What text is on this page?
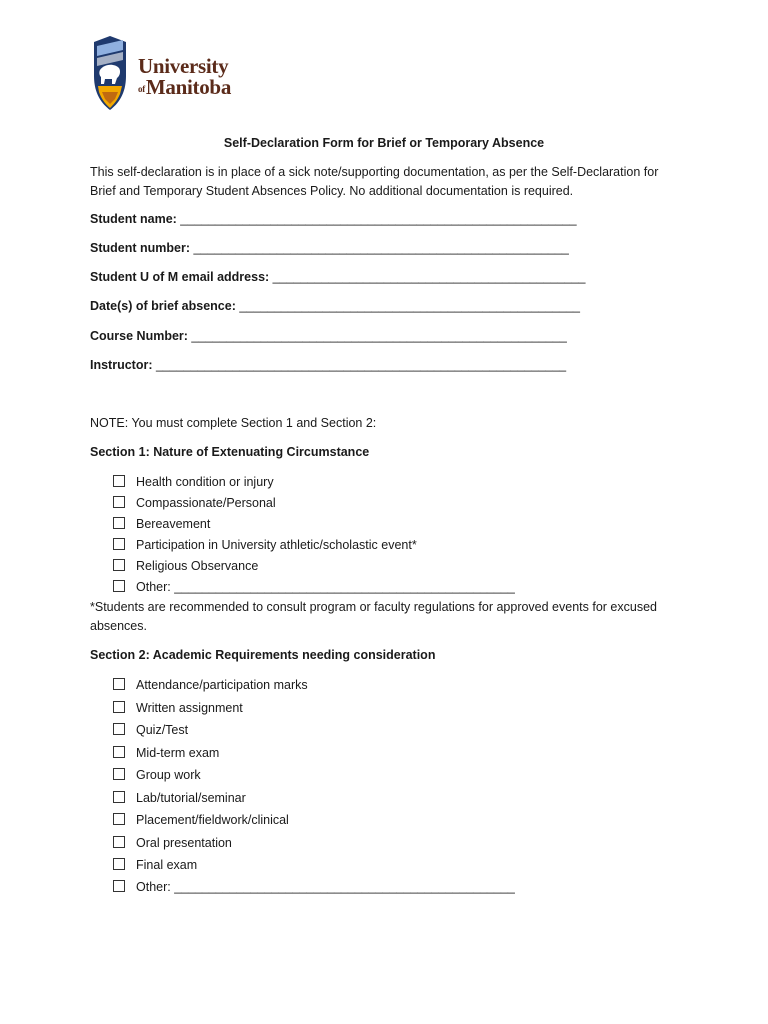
University
ofManitoba
Self-Declaration Form for Brief or Temporary Absence
This self-declaration is in place of a sick note/supporting documentation, as per the Self-Declaration for
Brief and Temporary Student Absences Policy. No additional documentation is required.
Student name: _________________________________________________________
Student number: ______________________________________________________
Student U of M email address: _____________________________________________
Date(s) of brief absence: _________________________________________________
Course Number: ______________________________________________________
Instructor: ___________________________________________________________
NOTE: You must complete Section 1 and Section 2:
Section 1: Nature of Extenuating Circumstance
Health condition or injury
Compassionate/Personal
Bereavement
Participation in University athletic/scholastic event*
Religious Observance
Other: _________________________________________________
*Students are recommended to consult program or faculty regulations for approved events for excused
absences.
Section 2: Academic Requirements needing consideration
Attendance/participation marks
Written assignment
Quiz/Test
Mid-term exam
Group work
Lab/tutorial/seminar
Placement/fieldwork/clinical
Oral presentation
Final exam
Other: _________________________________________________
